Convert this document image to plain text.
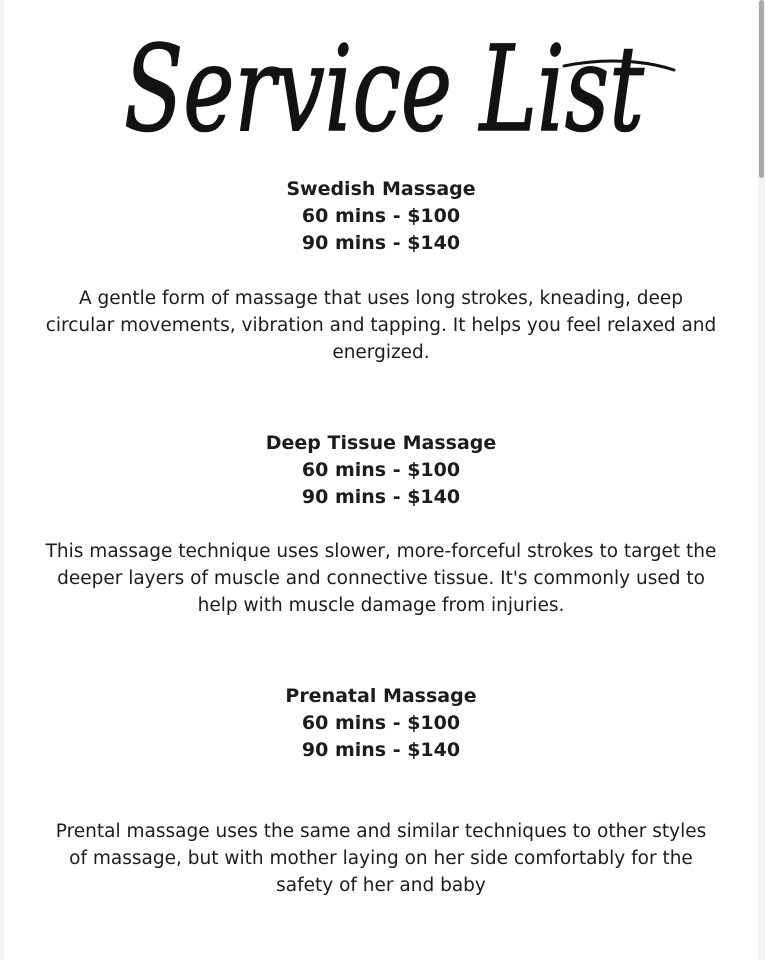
Service List
Swedish Massage
60 mins - $100
90 mins - $140
A gentle form of massage that uses long strokes, kneading, deep circular movements, vibration and tapping. It helps you feel relaxed and energized.
Deep Tissue Massage
60 mins - $100
90 mins - $140
This massage technique uses slower, more-forceful strokes to target the deeper layers of muscle and connective tissue. It's commonly used to help with muscle damage from injuries.
Prenatal Massage
60 mins - $100
90 mins - $140
Prental massage uses the same and similar techniques to other styles of massage, but with mother laying on her side comfortably for the safety of her and baby
